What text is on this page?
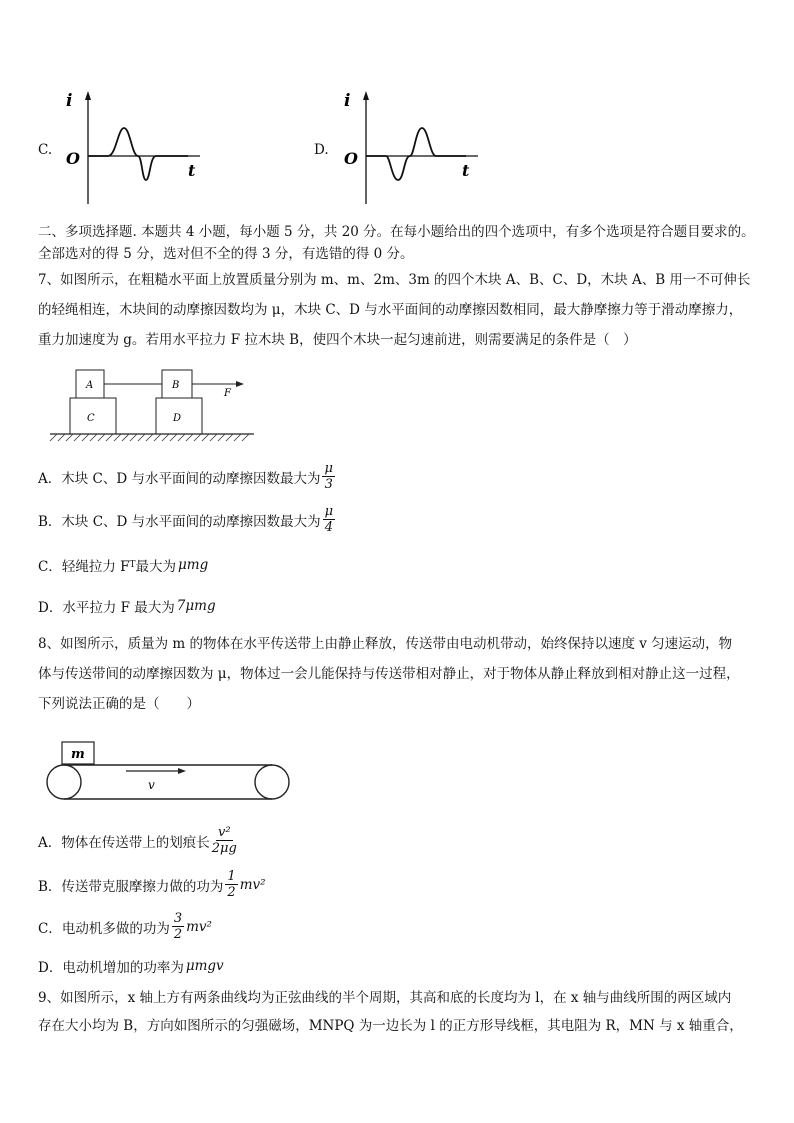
C.
i
O
t
D.
i
O
t
二、多项选择题. 本题共 4 小题，每小题 5 分，共 20 分。在每小题给出的四个选项中，有多个选项是符合题目要求的。
全部选对的得 5 分，选对但不全的得 3 分，有选错的得 0 分。
7、如图所示，在粗糙水平面上放置质量分别为 m、m、2m、3m 的四个木块 A、B、C、D，木块 A、B 用一不可伸长
的轻绳相连，木块间的动摩擦因数均为 μ，木块 C、D 与水平面间的动摩擦因数相同，最大静摩擦力等于滑动摩擦力，
重力加速度为 g。若用水平拉力 F 拉木块 B，使四个木块一起匀速前进，则需要满足的条件是（　）
A	B
C	D
F
A．木块 C、D 与水平面间的动摩擦因数最大为 $\frac{\mu}{3}$
B．木块 C、D 与水平面间的动摩擦因数最大为 $\frac{\mu}{4}$
C．轻绳拉力 F T 最大为 μmg
D．水平拉力 F 最大为 7μmg
8、如图所示，质量为 m 的物体在水平传送带上由静止释放，传送带由电动机带动，始终保持以速度 v 匀速运动，物
体与传送带间的动摩擦因数为 μ，物体过一会儿能保持与传送带相对静止，对于物体从静止释放到相对静止这一过程，
下列说法正确的是（　　）
m
v
A．物体在传送带上的划痕长 $\frac{\text{v²}}{2\mu g}$
B．传送带克服摩擦力做的功为 $\frac{1}{2} mv^2$
C．电动机多做的功为 $\frac{3}{2} mv^2$
D．电动机增加的功率为 μmgv
9、如图所示，x 轴上方有两条曲线均为正弦曲线的半个周期，其高和底的长度均为 l，在 x 轴与曲线所围的两区域内
存在大小均为 B，方向如图所示的匀强磁场，MNPQ 为一边长为 l 的正方形导线框，其电阻为 R，MN 与 x 轴重合，
